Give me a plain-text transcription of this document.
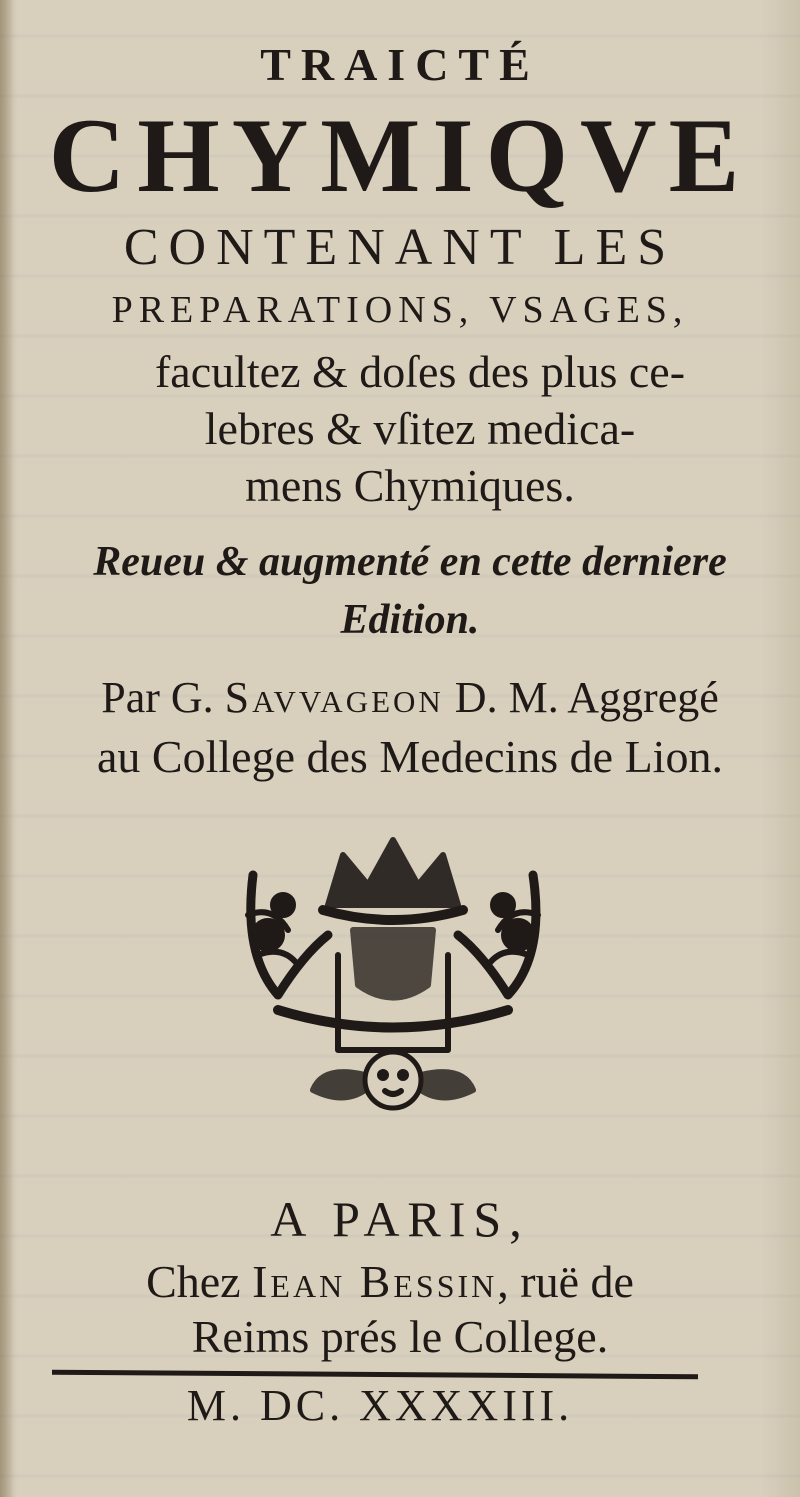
TRAICTÉ
CHYMIQVE
CONTENANT LES
PREPARATIONS, VSAGES,
facultez & doſes des plus ce-
lebres & vſitez medica-
mens Chymiques.
Reueu & augmenté en cette derniere
Edition.
Par G. Savvageon D. M. Aggregé
au College des Medecins de Lion.
A PARIS,
Chez Iean Bessin, ruë de
Reims prés le College.
M. DC. XXXXIII.
